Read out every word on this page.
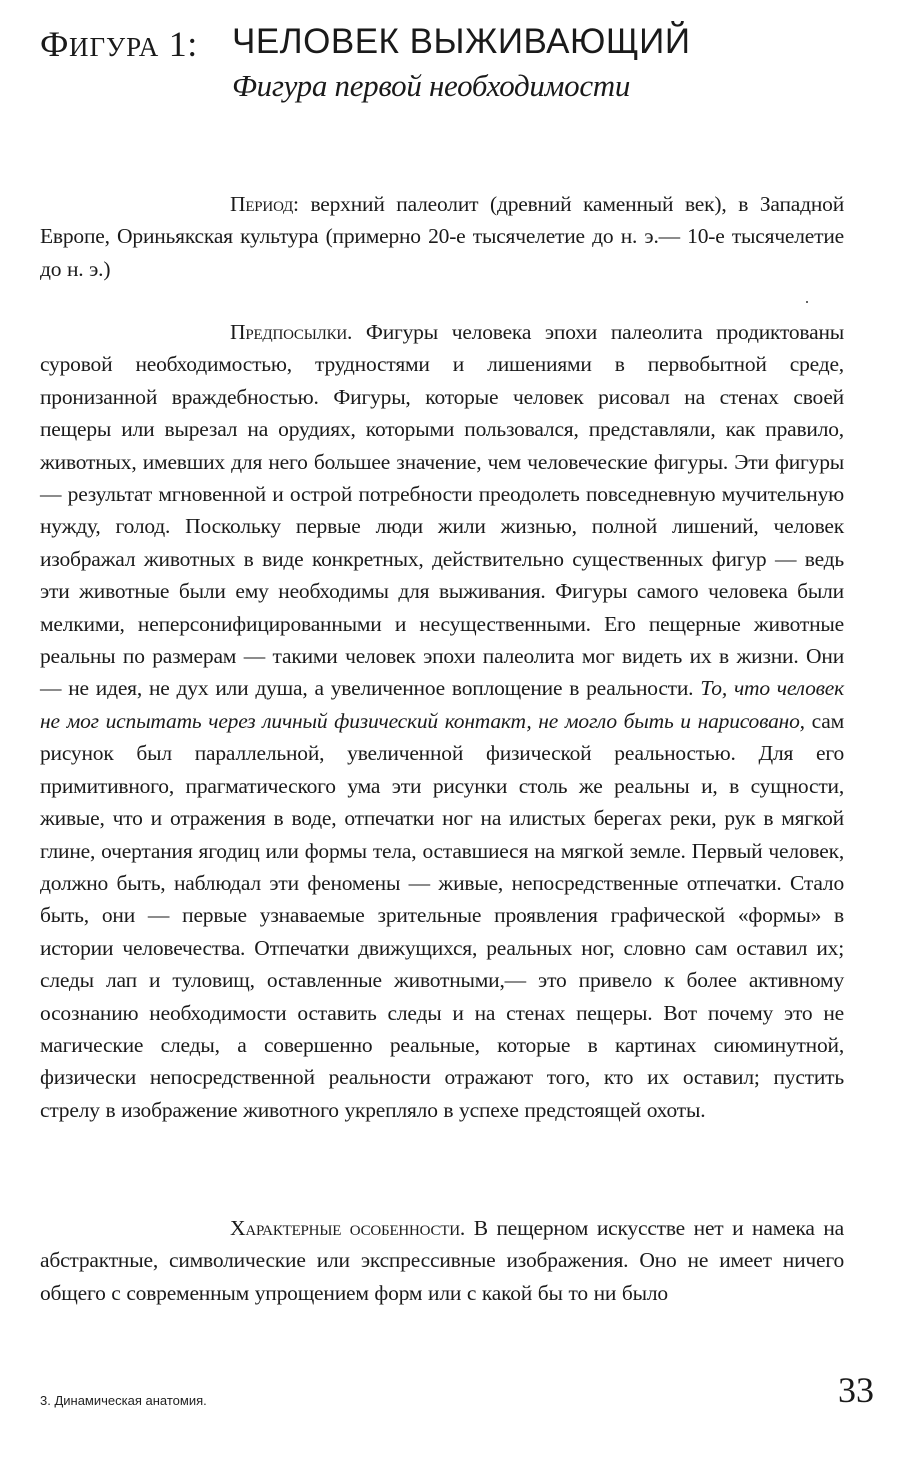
ФИГУРА 1: ЧЕЛОВЕК ВЫЖИВАЮЩИЙ
Фигура первой необходимости

Период: верхний палеолит (древний каменный век), в Западной Европе, Ориньякская культура (примерно 20-е тысячелетие до н. э.— 10-е тысячелетие до н. э.)

Предпосылки. Фигуры человека эпохи палеолита продиктованы суровой необходимостью, трудностями и лишениями в первобытной среде, пронизанной враждебностью. Фигуры, которые человек рисовал на стенах своей пещеры или вырезал на орудиях, которыми пользовался, представляли, как правило, животных, имевших для него большее значение, чем человеческие фигуры. Эти фигуры — результат мгновенной и острой потребности преодолеть повседневную мучительную нужду, голод. Поскольку первые люди жили жизнью, полной лишений, человек изображал животных в виде конкретных, действительно существенных фигур — ведь эти животные были ему необходимы для выживания. Фигуры самого человека были мелкими, неперсонифицированными и несущественными. Его пещерные животные реальны по размерам — такими человек эпохи палеолита мог видеть их в жизни. Они — не идея, не дух или душа, а увеличенное воплощение в реальности. То, что человек не мог испытать через личный физический контакт, не могло быть и нарисовано, сам рисунок был параллельной, увеличенной физической реальностью. Для его примитивного, прагматического ума эти рисунки столь же реальны и, в сущности, живые, что и отражения в воде, отпечатки ног на илистых берегах реки, рук в мягкой глине, очертания ягодиц или формы тела, оставшиеся на мягкой земле. Первый человек, должно быть, наблюдал эти феномены — живые, непосредственные отпечатки. Стало быть, они — первые узнаваемые зрительные проявления графической «формы» в истории человечества. Отпечатки движущихся, реальных ног, словно сам оставил их; следы лап и туловищ, оставленные животными,— это привело к более активному осознанию необходимости оставить следы и на стенах пещеры. Вот почему это не магические следы, а совершенно реальные, которые в картинах сиюминутной, физически непосредственной реальности отражают того, кто их оставил; пустить стрелу в изображение животного укрепляло в успехе предстоящей охоты.

Характерные особенности. В пещерном искусстве нет и намека на абстрактные, символические или экспрессивные изображения. Оно не имеет ничего общего с современным упрощением форм или с какой бы то ни было

3. Динамическая анатомия.	33
